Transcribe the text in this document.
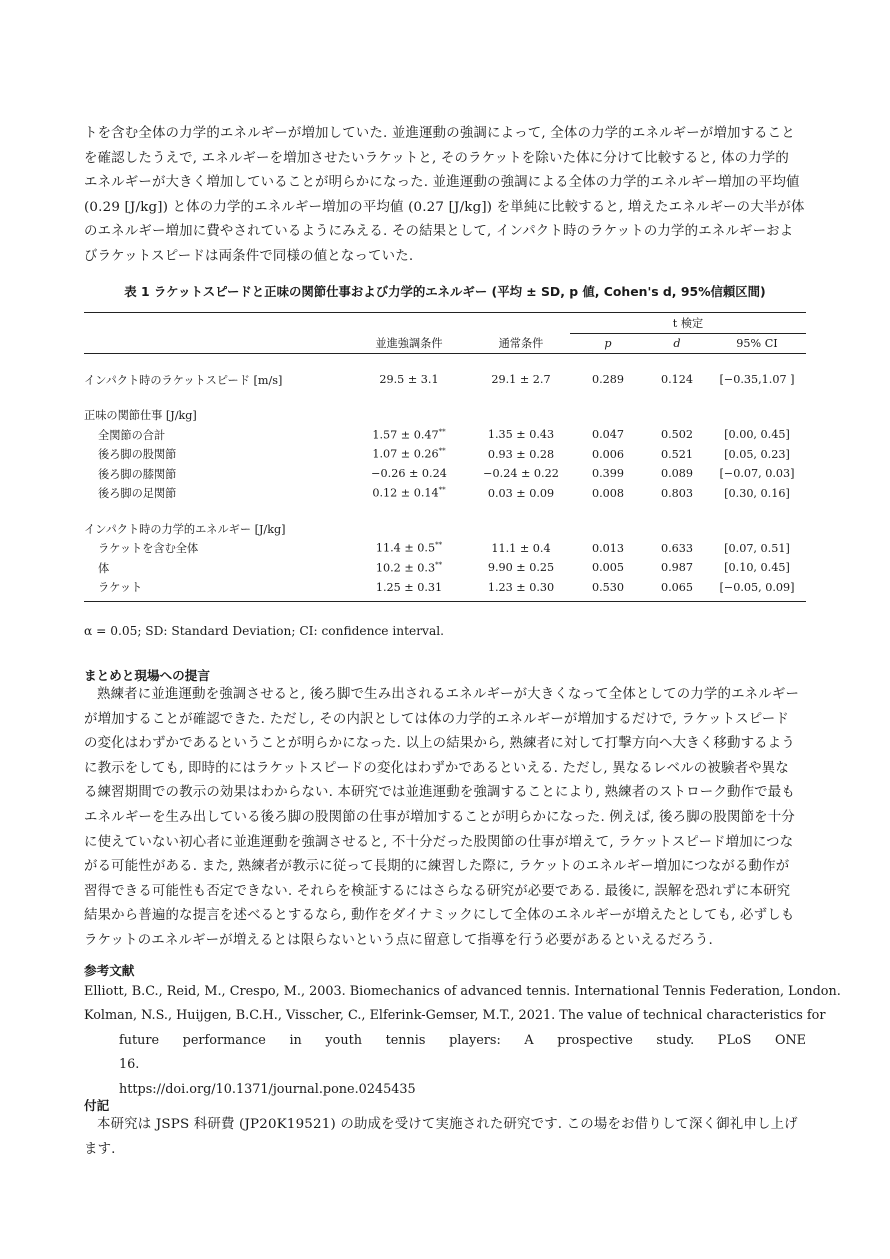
トを含む全体の力学的エネルギーが増加していた. 並進運動の強調によって, 全体の力学的エネルギーが増加すること
を確認したうえで, エネルギーを増加させたいラケットと, そのラケットを除いた体に分けて比較すると, 体の力学的
エネルギーが大きく増加していることが明らかになった. 並進運動の強調による全体の力学的エネルギー増加の平均値
(0.29 [J/kg]) と体の力学的エネルギー増加の平均値 (0.27 [J/kg]) を単純に比較すると, 増えたエネルギーの大半が体
のエネルギー増加に費やされているようにみえる. その結果として, インパクト時のラケットの力学的エネルギーおよ
びラケットスピードは両条件で同様の値となっていた.
表 1 ラケットスピードと正味の関節仕事および力学的エネルギー (平均 ± SD, p 値, Cohen's d, 95%信頼区間)

			t 検定		
	並進強調条件	通常条件	p	d	95% CI

インパクト時のラケットスピード [m/s]	29.5 ± 3.1	29.1 ± 2.7	0.289	0.124	[−0.35,1.07 ]

正味の関節仕事 [J/kg]					
全関節の合計	1.57 ± 0.47**	1.35 ± 0.43	0.047	0.502	[0.00, 0.45]
後ろ脚の股関節	1.07 ± 0.26**	0.93 ± 0.28	0.006	0.521	[0.05, 0.23]
後ろ脚の膝関節	−0.26 ± 0.24	−0.24 ± 0.22	0.399	0.089	[−0.07, 0.03]
後ろ脚の足関節	0.12 ± 0.14**	0.03 ± 0.09	0.008	0.803	[0.30, 0.16]

インパクト時の力学的エネルギー [J/kg]					
ラケットを含む全体	11.4 ± 0.5**	11.1 ± 0.4	0.013	0.633	[0.07, 0.51]
体	10.2 ± 0.3**	9.90 ± 0.25	0.005	0.987	[0.10, 0.45]
ラケット	1.25 ± 0.31	1.23 ± 0.30	0.530	0.065	[−0.05, 0.09]

α = 0.05; SD: Standard Deviation; CI: confidence interval.
まとめと現場への提言
熟練者に並進運動を強調させると, 後ろ脚で生み出されるエネルギーが大きくなって全体としての力学的エネルギー
が増加することが確認できた. ただし, その内訳としては体の力学的エネルギーが増加するだけで, ラケットスピード
の変化はわずかであるということが明らかになった. 以上の結果から, 熟練者に対して打撃方向へ大きく移動するよう
に教示をしても, 即時的にはラケットスピードの変化はわずかであるといえる. ただし, 異なるレベルの被験者や異な
る練習期間での教示の効果はわからない. 本研究では並進運動を強調することにより, 熟練者のストローク動作で最も
エネルギーを生み出している後ろ脚の股関節の仕事が増加することが明らかになった. 例えば, 後ろ脚の股関節を十分
に使えていない初心者に並進運動を強調させると, 不十分だった股関節の仕事が増えて, ラケットスピード増加につな
がる可能性がある. また, 熟練者が教示に従って長期的に練習した際に, ラケットのエネルギー増加につながる動作が
習得できる可能性も否定できない. それらを検証するにはさらなる研究が必要である. 最後に, 誤解を恐れずに本研究
結果から普遍的な提言を述べるとするなら, 動作をダイナミックにして全体のエネルギーが増えたとしても, 必ずしも
ラケットのエネルギーが増えるとは限らないという点に留意して指導を行う必要があるといえるだろう.
参考文献
Elliott, B.C., Reid, M., Crespo, M., 2003. Biomechanics of advanced tennis. International Tennis Federation, London.
Kolman, N.S., Huijgen, B.C.H., Visscher, C., Elferink-Gemser, M.T., 2021. The value of technical characteristics for
future performance in youth tennis players: A prospective study. PLoS ONE 16.
https://doi.org/10.1371/journal.pone.0245435
付記
本研究は JSPS 科研費 (JP20K19521) の助成を受けて実施された研究です. この場をお借りして深く御礼申し上げ
ます.
